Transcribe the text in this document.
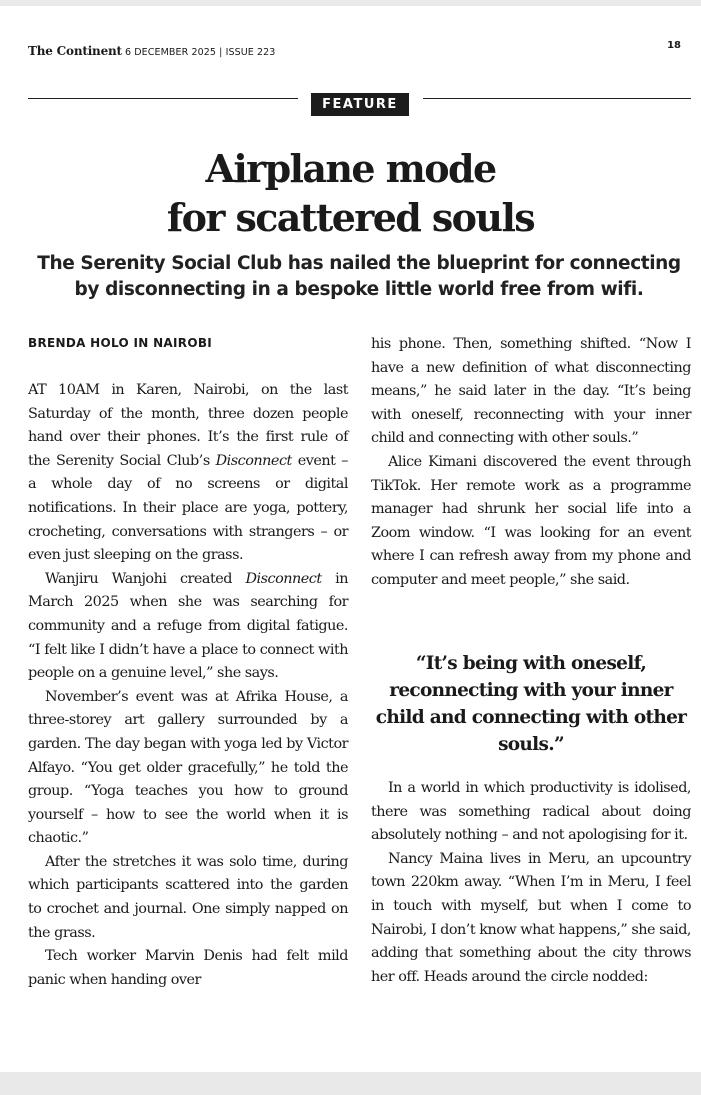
The Continent 6 DECEMBER 2025 | ISSUE 223
18
FEATURE
Airplane mode
for scattered souls
The Serenity Social Club has nailed the blueprint for connecting
by disconnecting in a bespoke little world free from wifi.
BRENDA HOLO IN NAIROBI

AT 10AM in Karen, Nairobi, on the last Saturday of the month, three dozen people hand over their phones. It’s the first rule of the Serenity Social Club’s Disconnect event – a whole day of no screens or digital notifications. In their place are yoga, pottery, crocheting, conversations with strangers – or even just sleeping on the grass.

Wanjiru Wanjohi created Disconnect in March 2025 when she was searching for community and a refuge from digital fatigue. “I felt like I didn’t have a place to connect with people on a genuine level,” she says.

November’s event was at Afrika House, a three-storey art gallery surrounded by a garden. The day began with yoga led by Victor Alfayo. “You get older gracefully,” he told the group. “Yoga teaches you how to ground yourself – how to see the world when it is chaotic.”

After the stretches it was solo time, during which participants scattered into the garden to crochet and journal. One simply napped on the grass.

Tech worker Marvin Denis had felt mild panic when handing over

his phone. Then, something shifted. “Now I have a new definition of what disconnecting means,” he said later in the day. “It’s being with oneself, reconnecting with your inner child and connecting with other souls.”

Alice Kimani discovered the event through TikTok. Her remote work as a programme manager had shrunk her social life into a Zoom window. “I was looking for an event where I can refresh away from my phone and computer and meet people,” she said.

“It’s being with oneself, reconnecting with your inner child and connecting with other souls.”

In a world in which productivity is idolised, there was something radical about doing absolutely nothing – and not apologising for it.

Nancy Maina lives in Meru, an upcountry town 220km away. “When I’m in Meru, I feel in touch with myself, but when I come to Nairobi, I don’t know what happens,” she said, adding that something about the city throws her off. Heads around the circle nodded:
